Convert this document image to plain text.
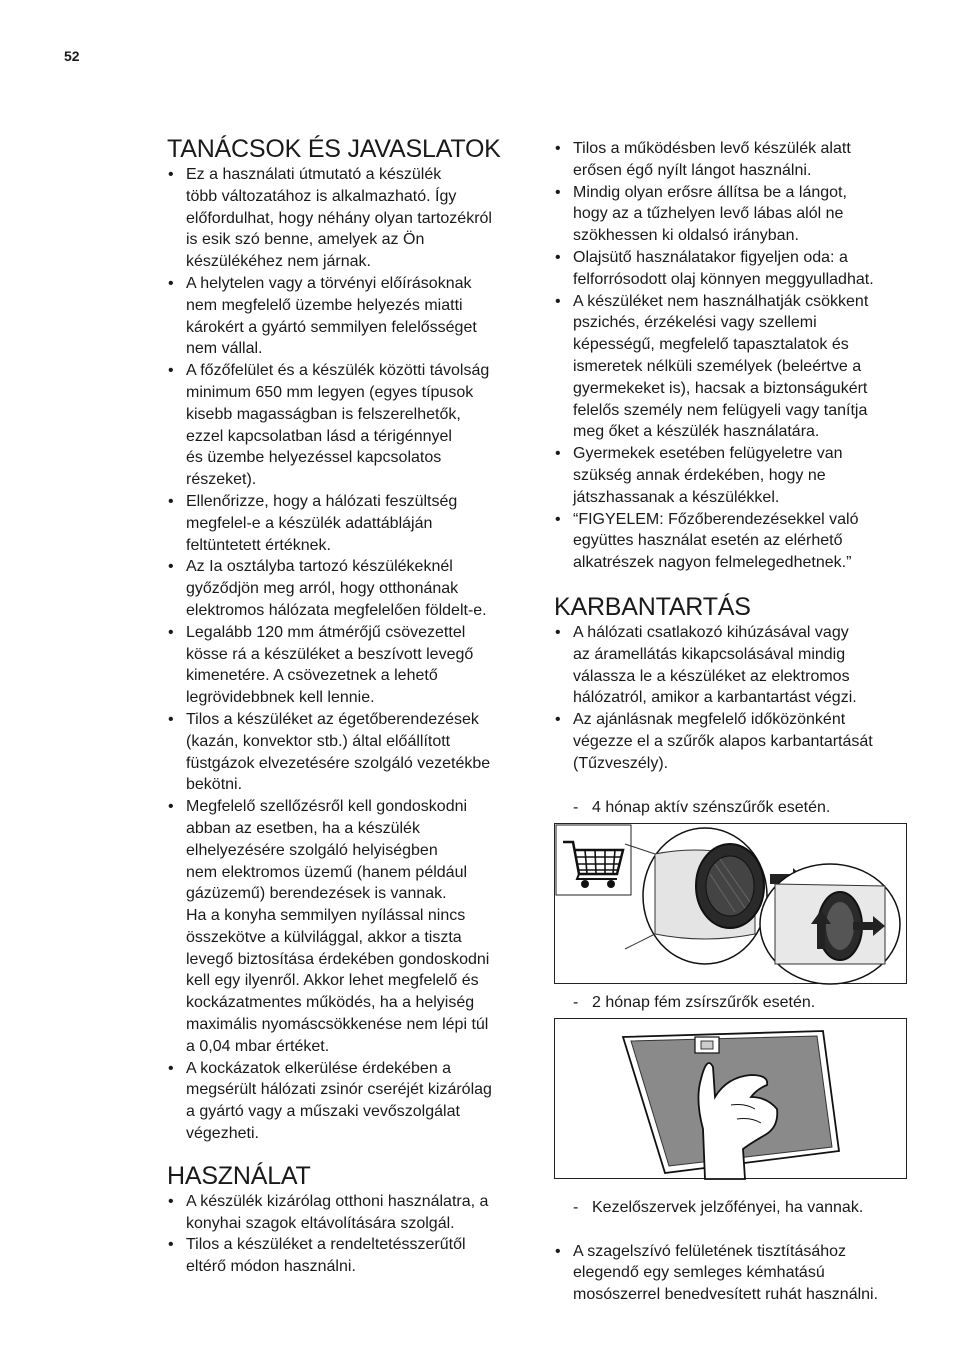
52
TANÁCSOK ÉS JAVASLATOK
• Ez a használati útmutató a készülék
több változatához is alkalmazható. Így
előfordulhat, hogy néhány olyan tartozékról
is esik szó benne, amelyek az Ön
készülékéhez nem járnak.
• A helytelen vagy a törvényi előírásoknak
nem megfelelő üzembe helyezés miatti
károkért a gyártó semmilyen felelősséget
nem vállal.
• A főzőfelület és a készülék közötti távolság
minimum 650 mm legyen (egyes típusok
kisebb magasságban is felszerelhetők,
ezzel kapcsolatban lásd a térigénnyel
és üzembe helyezéssel kapcsolatos
részeket).
• Ellenőrizze, hogy a hálózati feszültség
megfelel-e a készülék adattábláján
feltüntetett értéknek.
• Az Ia osztályba tartozó készülékeknél
győződjön meg arról, hogy otthonának
elektromos hálózata megfelelően földelt-e.
• Legalább 120 mm átmérőjű csövezettel
kösse rá a készüléket a beszívott levegő
kimenetére. A csövezetnek a lehető
legrövidebbnek kell lennie.
• Tilos a készüléket az égetőberendezések
(kazán, konvektor stb.) által előállított
füstgázok elvezetésére szolgáló vezetékbe
bekötni.
• Megfelelő szellőzésről kell gondoskodni
abban az esetben, ha a készülék
elhelyezésére szolgáló helyiségben
nem elektromos üzemű (hanem például
gázüzemű) berendezések is vannak.
Ha a konyha semmilyen nyílással nincs
összekötve a külvilággal, akkor a tiszta
levegő biztosítása érdekében gondoskodni
kell egy ilyenről. Akkor lehet megfelelő és
kockázatmentes működés, ha a helyiség
maximális nyomáscsökkenése nem lépi túl
a 0,04 mbar értéket.
• A kockázatok elkerülése érdekében a
megsérült hálózati zsinór cseréjét kizárólag
a gyártó vagy a műszaki vevőszolgálat
végezheti.
HASZNÁLAT
• A készülék kizárólag otthoni használatra, a
konyhai szagok eltávolítására szolgál.
• Tilos a készüléket a rendeltetésszerűtől
eltérő módon használni.
• Tilos a működésben levő készülék alatt
erősen égő nyílt lángot használni.
• Mindig olyan erősre állítsa be a lángot,
hogy az a tűzhelyen levő lábas alól ne
szökhessen ki oldalsó irányban.
• Olajsütő használatakor figyeljen oda: a
felforrósodott olaj könnyen meggyulladhat.
• A készüléket nem használhatják csökkent
pszichés, érzékelési vagy szellemi
képességű, megfelelő tapasztalatok és
ismeretek nélküli személyek (beleértve a
gyermekeket is), hacsak a biztonságukért
felelős személy nem felügyeli vagy tanítja
meg őket a készülék használatára.
• Gyermekek esetében felügyeletre van
szükség annak érdekében, hogy ne
játszhassanak a készülékkel.
• “FIGYELEM: Főzőberendezésekkel való
együttes használat esetén az elérhető
alkatrészek nagyon felmelegedhetnek.”
KARBANTARTÁS
• A hálózati csatlakozó kihúzásával vagy
az áramellátás kikapcsolásával mindig
válassza le a készüléket az elektromos
hálózatról, amikor a karbantartást végzi.
• Az ajánlásnak megfelelő időközönként
végezze el a szűrők alapos karbantartását
(Tűzveszély).
- 4 hónap aktív szénszűrők esetén.
- 2 hónap fém zsírszűrők esetén.
- Kezelőszervek jelzőfényei, ha vannak.
• A szagelszívó felületének tisztításához
elegendő egy semleges kémhatású
mosószerrel benedvesített ruhát használni.
